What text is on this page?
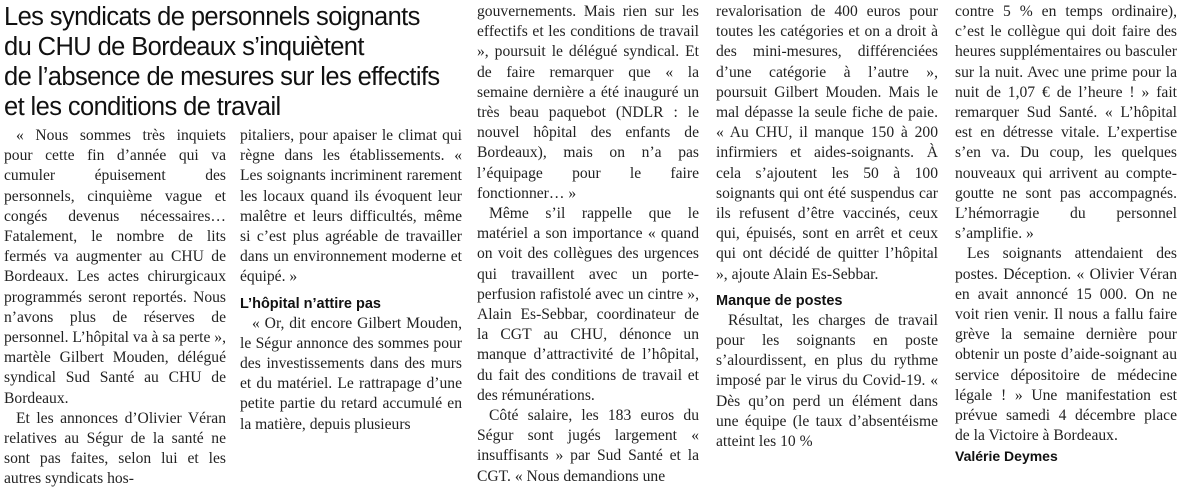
Les syndicats de personnels soignants
du CHU de Bordeaux s’inquiètent
de l’absence de mesures sur les effectifs
et les conditions de travail

« Nous sommes très inquiets pour cette fin d’année qui va cumuler épuisement des personnels, cinquième vague et congés devenus nécessaires… Fatalement, le nombre de lits fermés va augmenter au CHU de Bordeaux. Les actes chirurgicaux programmés seront reportés. Nous n’avons plus de réserves de personnel. L’hôpital va à sa perte », martèle Gilbert Mouden, délégué syndical Sud Santé au CHU de Bordeaux.

Et les annonces d’Olivier Véran relatives au Ségur de la santé ne sont pas faites, selon lui et les autres syndicats hos-

pitaliers, pour apaiser le climat qui règne dans les établissements. « Les soignants incriminent rarement les locaux quand ils évoquent leur malêtre et leurs difficultés, même si c’est plus agréable de travailler dans un environnement moderne et équipé. »

L’hôpital n’attire pas

« Or, dit encore Gilbert Mouden, le Ségur annonce des sommes pour des investissements dans des murs et du matériel. Le rattrapage d’une petite partie du retard accumulé en la matière, depuis plusieurs

gouvernements. Mais rien sur les effectifs et les conditions de travail », poursuit le délégué syndical. Et de faire remarquer que « la semaine dernière a été inauguré un très beau paquebot (NDLR : le nouvel hôpital des enfants de Bordeaux), mais on n’a pas l’équipage pour le faire fonctionner… »

Même s’il rappelle que le matériel a son importance « quand on voit des collègues des urgences qui travaillent avec un porte-perfusion rafistolé avec un cintre », Alain Es-Sebbar, coordinateur de la CGT au CHU, dénonce un manque d’attractivité de l’hôpital, du fait des conditions de travail et des rémunérations.

Côté salaire, les 183 euros du Ségur sont jugés largement « insuffisants » par Sud Santé et la CGT. « Nous demandions une

revalorisation de 400 euros pour toutes les catégories et on a droit à des mini-mesures, différenciées d’une catégorie à l’autre », poursuit Gilbert Mouden. Mais le mal dépasse la seule fiche de paie. « Au CHU, il manque 150 à 200 infirmiers et aides-soignants. À cela s’ajoutent les 50 à 100 soignants qui ont été suspendus car ils refusent d’être vaccinés, ceux qui, épuisés, sont en arrêt et ceux qui ont décidé de quitter l’hôpital », ajoute Alain Es-Sebbar.

Manque de postes

Résultat, les charges de travail pour les soignants en poste s’alourdissent, en plus du rythme imposé par le virus du Covid-19. « Dès qu’on perd un élément dans une équipe (le taux d’absentéisme atteint les 10 %

contre 5 % en temps ordinaire), c’est le collègue qui doit faire des heures supplémentaires ou basculer sur la nuit. Avec une prime pour la nuit de 1,07 € de l’heure ! » fait remarquer Sud Santé. « L’hôpital est en détresse vitale. L’expertise s’en va. Du coup, les quelques nouveaux qui arrivent au compte-goutte ne sont pas accompagnés. L’hémorragie du personnel s’amplifie. »

Les soignants attendaient des postes. Déception. « Olivier Véran en avait annoncé 15 000. On ne voit rien venir. Il nous a fallu faire grève la semaine dernière pour obtenir un poste d’aide-soignant au service dépositoire de médecine légale ! » Une manifestation est prévue samedi 4 décembre place de la Victoire à Bordeaux.

Valérie Deymes
